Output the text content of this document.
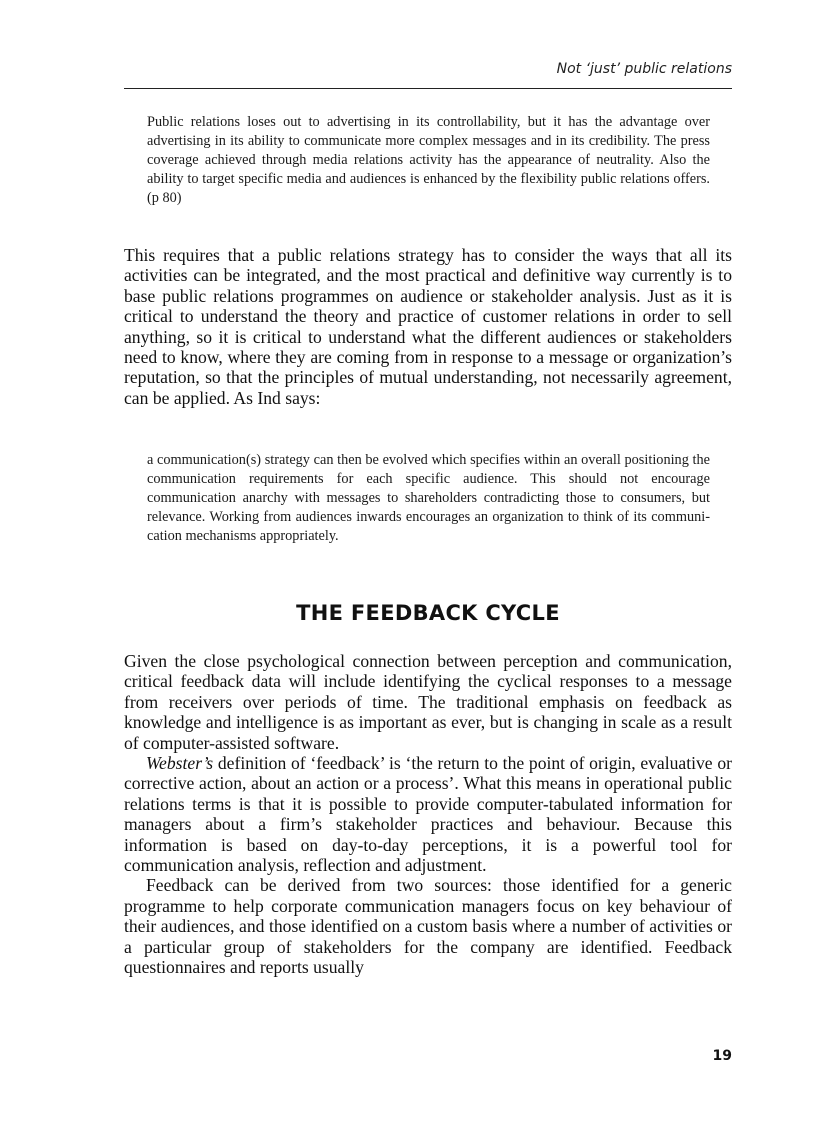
Not ‘just’ public relations

Public relations loses out to advertising in its controllability, but it has the advantage over advertising in its ability to communicate more complex messages and in its credibility. The press coverage achieved through media relations activity has the appearance of neutrality. Also the ability to target specific media and audiences is enhanced by the flexibility public relations offers. (p 80)

This requires that a public relations strategy has to consider the ways that all its activities can be integrated, and the most practical and definitive way currently is to base public relations programmes on audience or stakeholder analysis. Just as it is critical to understand the theory and practice of customer relations in order to sell anything, so it is critical to understand what the different audiences or stakeholders need to know, where they are coming from in response to a message or organization’s reputation, so that the principles of mutual understanding, not necessarily agreement, can be applied. As Ind says:

a communication(s) strategy can then be evolved which specifies within an overall positioning the communication requirements for each specific audience. This should not encourage communication anarchy with messages to shareholders contradicting those to consumers, but relevance. Working from audiences inwards encourages an organization to think of its communication mechanisms appropriately.

THE FEEDBACK CYCLE

Given the close psychological connection between perception and communication, critical feedback data will include identifying the cyclical responses to a message from receivers over periods of time. The traditional emphasis on feedback as knowledge and intelligence is as important as ever, but is changing in scale as a result of computer-assisted software.

Webster’s definition of ‘feedback’ is ‘the return to the point of origin, evaluative or corrective action, about an action or a process’. What this means in operational public relations terms is that it is possible to provide computer-tabulated information for managers about a firm’s stakeholder practices and behaviour. Because this information is based on day-to-day perceptions, it is a powerful tool for communication analysis, reflection and adjustment.

Feedback can be derived from two sources: those identified for a generic programme to help corporate communication managers focus on key behaviour of their audiences, and those identified on a custom basis where a number of activities or a particular group of stakeholders for the company are identified. Feedback questionnaires and reports usually

19
